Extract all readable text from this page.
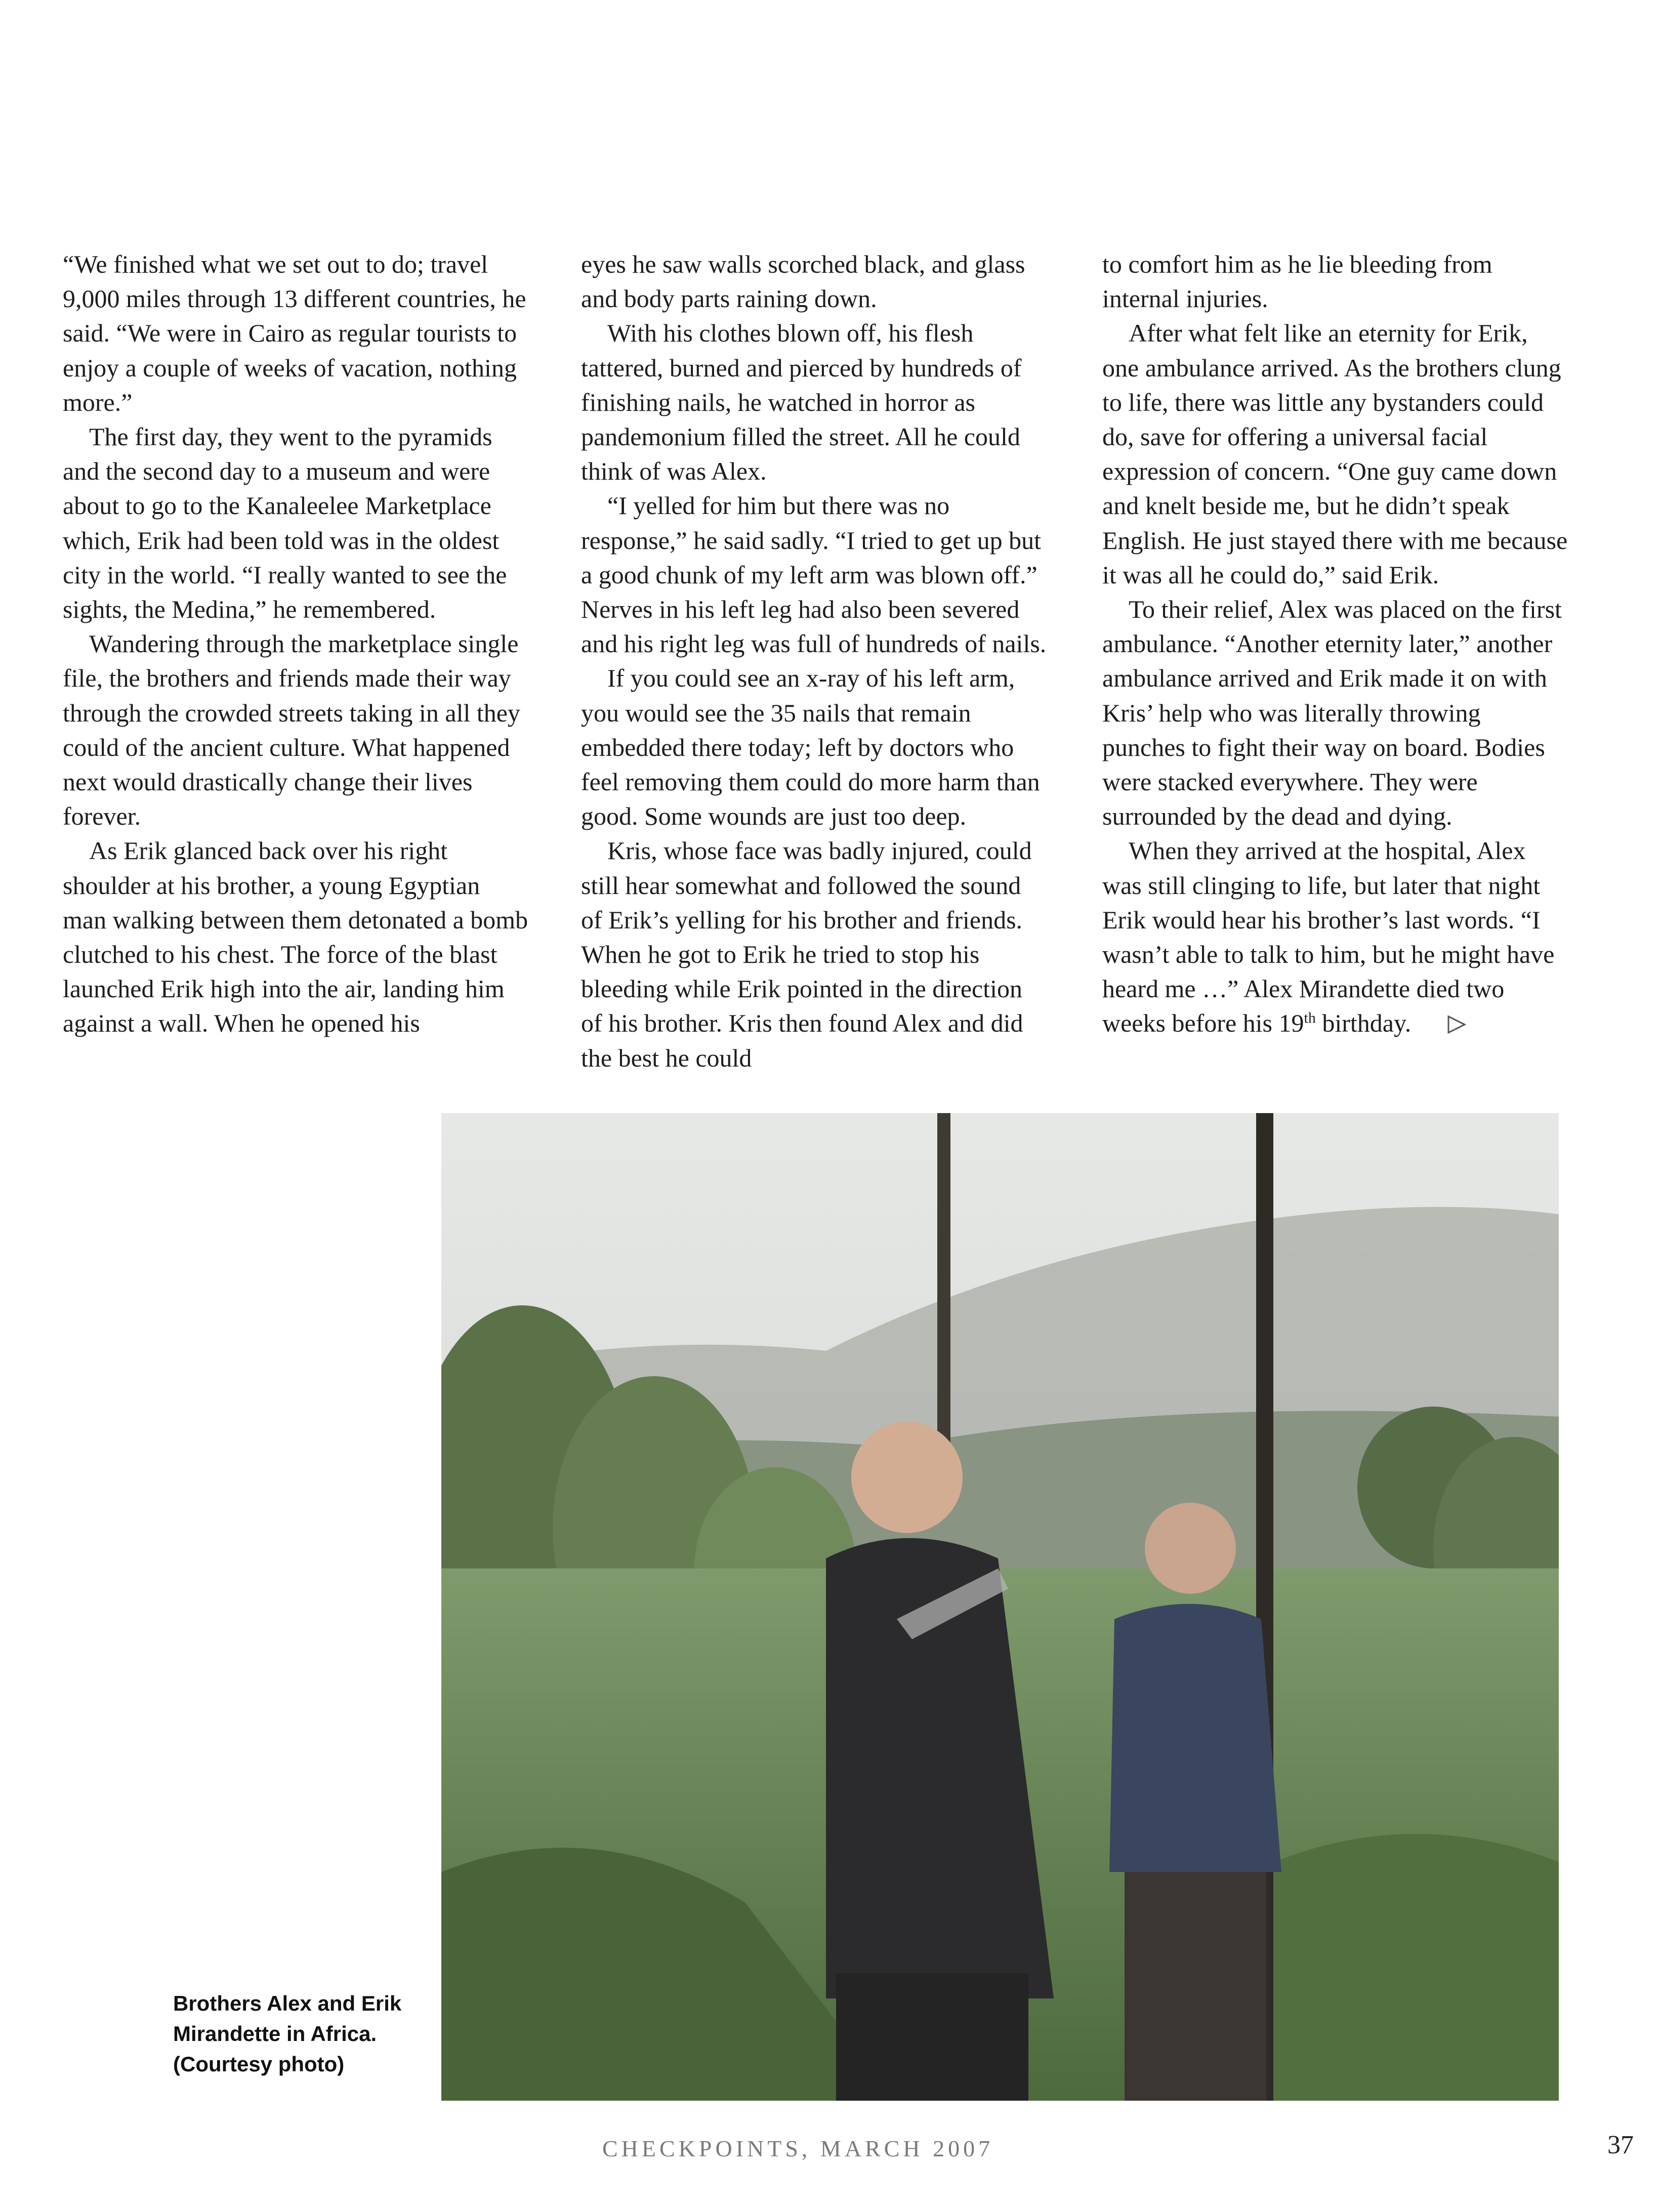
“We finished what we set out to do; travel 9,000 miles through 13 different countries, he said. “We were in Cairo as regular tourists to enjoy a couple of weeks of vacation, nothing more.”

The first day, they went to the pyramids and the second day to a museum and were about to go to the Kanaleelee Marketplace which, Erik had been told was in the oldest city in the world. “I really wanted to see the sights, the Medina,” he remembered.

Wandering through the marketplace single file, the brothers and friends made their way through the crowded streets taking in all they could of the ancient culture. What happened next would drastically change their lives forever.

As Erik glanced back over his right shoulder at his brother, a young Egyptian man walking between them detonated a bomb clutched to his chest. The force of the blast launched Erik high into the air, landing him against a wall. When he opened his

eyes he saw walls scorched black, and glass and body parts raining down.

With his clothes blown off, his flesh tattered, burned and pierced by hundreds of finishing nails, he watched in horror as pandemonium filled the street. All he could think of was Alex.

“I yelled for him but there was no response,” he said sadly. “I tried to get up but a good chunk of my left arm was blown off.” Nerves in his left leg had also been severed and his right leg was full of hundreds of nails.

If you could see an x-ray of his left arm, you would see the 35 nails that remain embedded there today; left by doctors who feel removing them could do more harm than good. Some wounds are just too deep.

Kris, whose face was badly injured, could still hear somewhat and followed the sound of Erik’s yelling for his brother and friends. When he got to Erik he tried to stop his bleeding while Erik pointed in the direction of his brother. Kris then found Alex and did the best he could

to comfort him as he lie bleeding from internal injuries.

After what felt like an eternity for Erik, one ambulance arrived. As the brothers clung to life, there was little any bystanders could do, save for offering a universal facial expression of concern. “One guy came down and knelt beside me, but he didn’t speak English. He just stayed there with me because it was all he could do,” said Erik.

To their relief, Alex was placed on the first ambulance. “Another eternity later,” another ambulance arrived and Erik made it on with Kris’ help who was literally throwing punches to fight their way on board. Bodies were stacked everywhere. They were surrounded by the dead and dying.

When they arrived at the hospital, Alex was still clinging to life, but later that night Erik would hear his brother’s last words. “I wasn’t able to talk to him, but he might have heard me …” Alex Mirandette died two weeks before his 19th birthday.

Brothers Alex and Erik
Mirandette in Africa.
(Courtesy photo)
CHECKPOINTS, MARCH 2007	37
